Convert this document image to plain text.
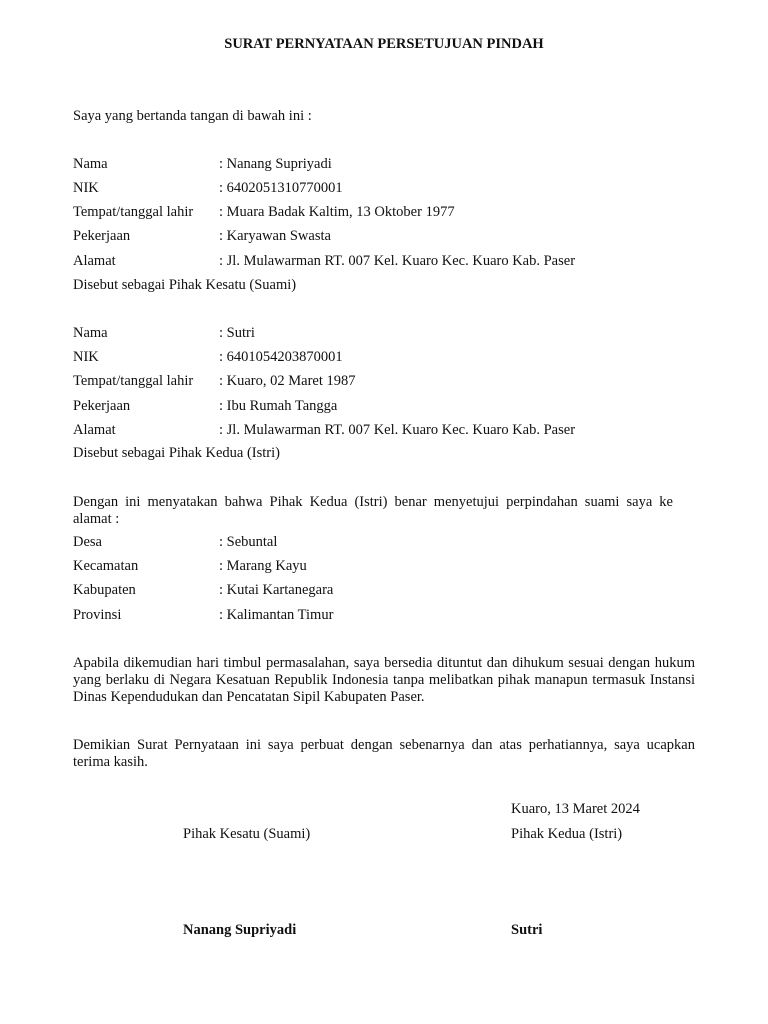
SURAT PERNYATAAN PERSETUJUAN PINDAH
Saya yang bertanda tangan di bawah ini :
Nama	: Nanang Supriyadi
NIK	: 6402051310770001
Tempat/tanggal lahir : Muara Badak Kaltim, 13 Oktober 1977
Pekerjaan	: Karyawan Swasta
Alamat	: Jl. Mulawarman RT. 007 Kel. Kuaro Kec. Kuaro Kab. Paser
Disebut sebagai Pihak Kesatu (Suami)
Nama	: Sutri
NIK	: 6401054203870001
Tempat/tanggal lahir : Kuaro, 02 Maret 1987
Pekerjaan	: Ibu Rumah Tangga
Alamat	: Jl. Mulawarman RT. 007 Kel. Kuaro Kec. Kuaro Kab. Paser
Disebut sebagai Pihak Kedua (Istri)
Dengan ini menyatakan bahwa Pihak Kedua (Istri) benar menyetujui perpindahan suami saya ke alamat :
Desa	: Sebuntal
Kecamatan	: Marang Kayu
Kabupaten	: Kutai Kartanegara
Provinsi	: Kalimantan Timur
Apabila dikemudian hari timbul permasalahan, saya bersedia dituntut dan dihukum sesuai dengan hukum yang berlaku di Negara Kesatuan Republik Indonesia tanpa melibatkan pihak manapun termasuk Instansi Dinas Kependudukan dan Pencatatan Sipil Kabupaten Paser.
Demikian Surat Pernyataan ini saya perbuat dengan sebenarnya dan atas perhatiannya, saya ucapkan terima kasih.
Kuaro, 13 Maret 2024
Pihak Kesatu (Suami)	Pihak Kedua (Istri)
Nanang Supriyadi	Sutri
